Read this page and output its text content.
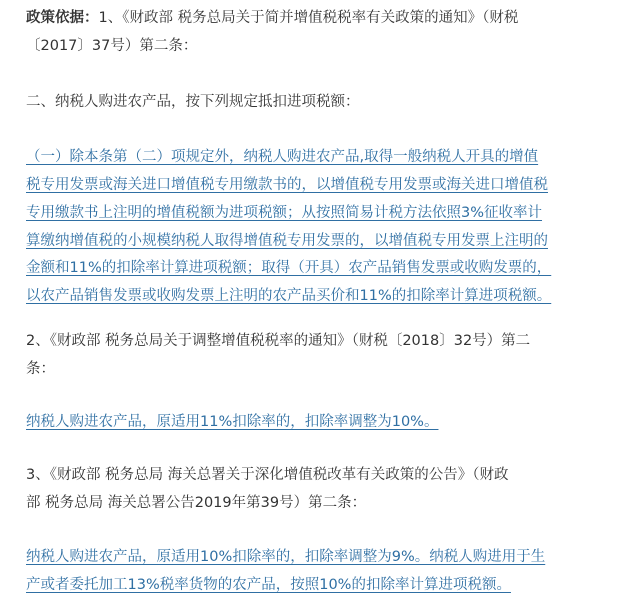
政策依据：1、《财政部 税务总局关于简并增值税税率有关政策的通知》（财税
〔2017〕37号）第二条：
二、纳税人购进农产品，按下列规定抵扣进项税额：
（一）除本条第（二）项规定外，纳税人购进农产品,取得一般纳税人开具的增值
税专用发票或海关进口增值税专用缴款书的，以增值税专用发票或海关进口增值税
专用缴款书上注明的增值税额为进项税额；从按照简易计税方法依照3%征收率计
算缴纳增值税的小规模纳税人取得增值税专用发票的，以增值税专用发票上注明的
金额和11%的扣除率计算进项税额；取得（开具）农产品销售发票或收购发票的，
以农产品销售发票或收购发票上注明的农产品买价和11%的扣除率计算进项税额。
2、《财政部 税务总局关于调整增值税税率的通知》（财税〔2018〕32号）第二
条：
纳税人购进农产品，原适用11%扣除率的，扣除率调整为10%。
3、《财政部 税务总局 海关总署关于深化增值税改革有关政策的公告》（财政
部 税务总局 海关总署公告2019年第39号）第二条：
纳税人购进农产品，原适用10%扣除率的，扣除率调整为9%。纳税人购进用于生
产或者委托加工13%税率货物的农产品，按照10%的扣除率计算进项税额。
